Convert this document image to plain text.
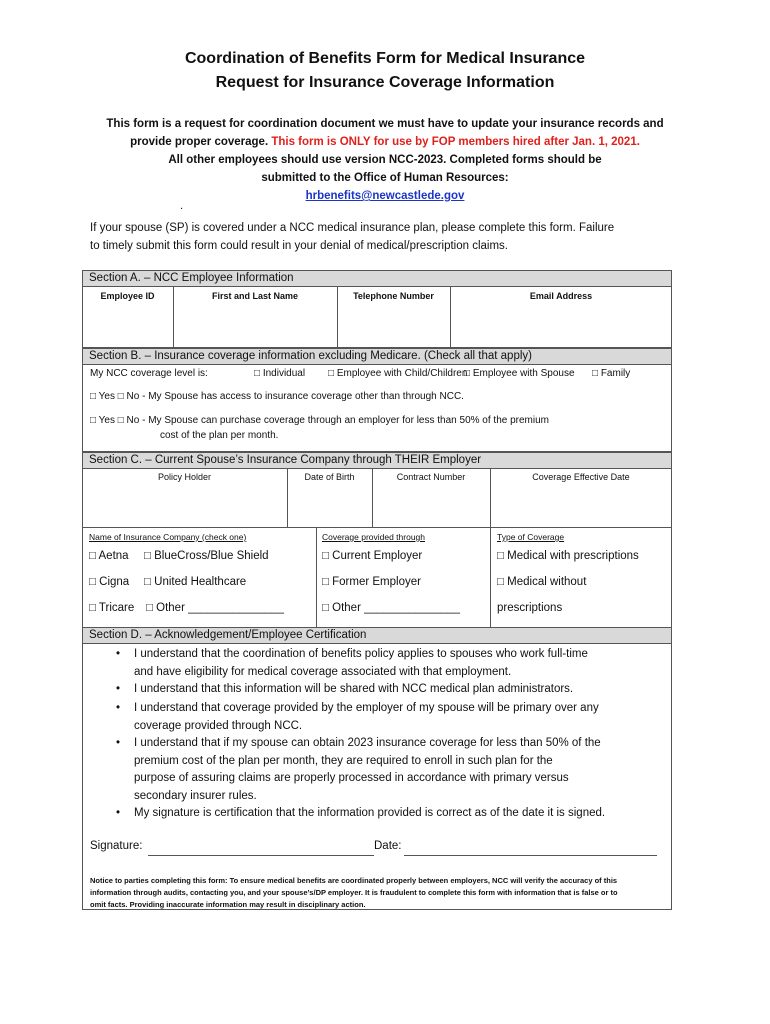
Coordination of Benefits Form for Medical Insurance
Request for Insurance Coverage Information
This form is a request for coordination document we must have to update your insurance records and
provide proper coverage. This form is ONLY for use by FOP members hired after Jan. 1, 2021.
All other employees should use version NCC-2023. Completed forms should be
submitted to the Office of Human Resources:
hrbenefits@newcastlede.gov
.
If your spouse (SP) is covered under a NCC medical insurance plan, please complete this form. Failure
to timely submit this form could result in your denial of medical/prescription claims.
Section A. – NCC Employee Information
Employee ID	First and Last Name	Telephone Number	Email Address
Section B. – Insurance coverage information excluding Medicare. (Check all that apply)
My NCC coverage level is:	□ Individual □ Employee with Child/Children
□ Employee with Spouse □ Family
□ Yes □ No - My Spouse has access to insurance coverage other than through NCC.
□ Yes □ No - My Spouse can purchase coverage through an employer for less than 50% of the premium
cost of the plan per month.
Section C. – Current Spouse’s Insurance Company through THEIR Employer
Policy Holder	Date of Birth	Contract Number	Coverage Effective Date
Name of Insurance Company (check one)	Coverage provided through	Type of Coverage
□ Aetna □ BlueCross/Blue Shield
□ Cigna □ United Healthcare
□ Tricare □ Other _______________
□ Current Employer
□ Former Employer
□ Other _______________
□ Medical with prescriptions
□ Medical without
prescriptions
Section D. – Acknowledgement/Employee Certification
• I understand that the coordination of benefits policy applies to spouses who work full-time
and have eligibility for medical coverage associated with that employment.
• I understand that this information will be shared with NCC medical plan administrators.
• I understand that coverage provided by the employer of my spouse will be primary over any
coverage provided through NCC.
• I understand that if my spouse can obtain 2023 insurance coverage for less than 50% of the
premium cost of the plan per month, they are required to enroll in such plan for the
purpose of assuring claims are properly processed in accordance with primary versus
secondary insurer rules.
• My signature is certification that the information provided is correct as of the date it is signed.
Signature:	Date:
Notice to parties completing this form: To ensure medical benefits are coordinated properly between employers, NCC will verify the accuracy of this
information through audits, contacting you, and your spouse’s/DP employer. It is fraudulent to complete this form with information that is false or to
omit facts. Providing inaccurate information may result in disciplinary action.
